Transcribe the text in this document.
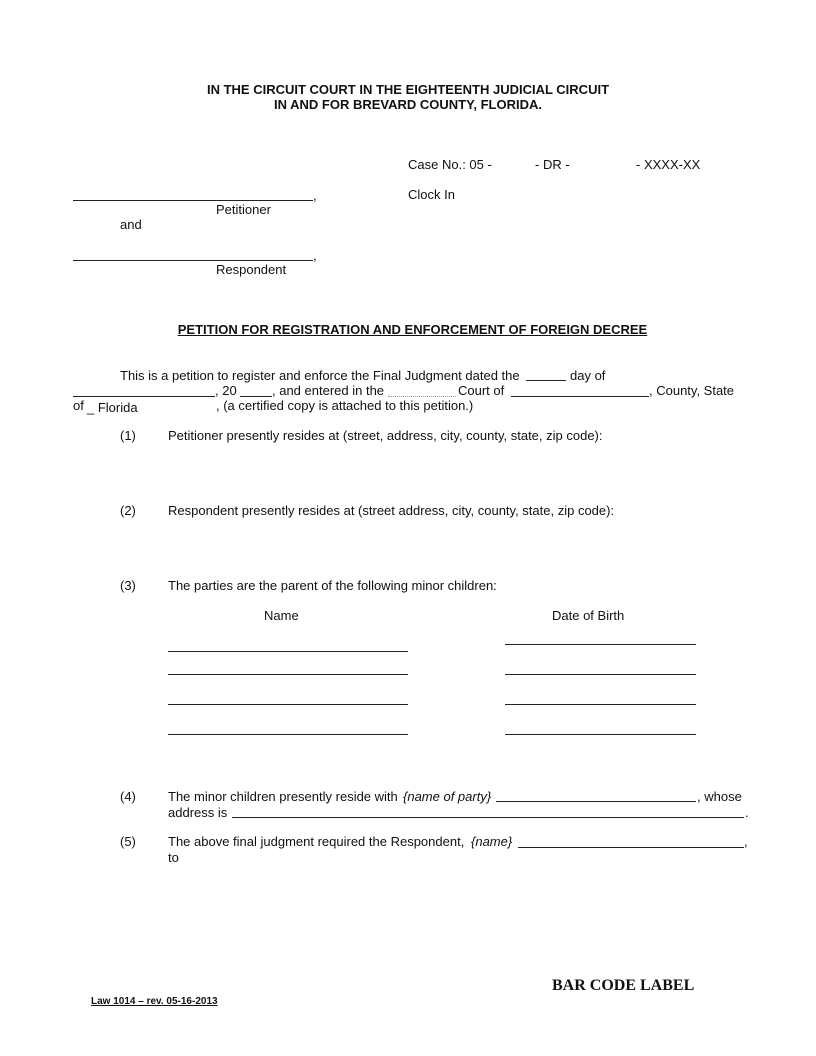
IN THE CIRCUIT COURT IN THE EIGHTEENTH JUDICIAL CIRCUIT
IN AND FOR BREVARD COUNTY, FLORIDA.
Case No.: 05 -	- DR -	- XXXX-XX
Clock In
,
Petitioner
and
,
Respondent
PETITION FOR REGISTRATION AND ENFORCEMENT OF FOREIGN DECREE
This is a petition to register and enforce the Final Judgment dated the	day of
, 20	, and entered in the	Court of	, County, State
of _ Florida	, (a certified copy is attached to this petition.)
(1) Petitioner presently resides at (street, address, city, county, state, zip code):
(2) Respondent presently resides at (street address, city, county, state, zip code):
(3) The parties are the parent of the following minor children:
Name	Date of Birth
(4) The minor children presently reside with {name of party}	, whose
address is	.
(5) The above final judgment required the Respondent, {name}	,
to
BAR CODE LABEL
Law 1014 – rev. 05-16-2013
